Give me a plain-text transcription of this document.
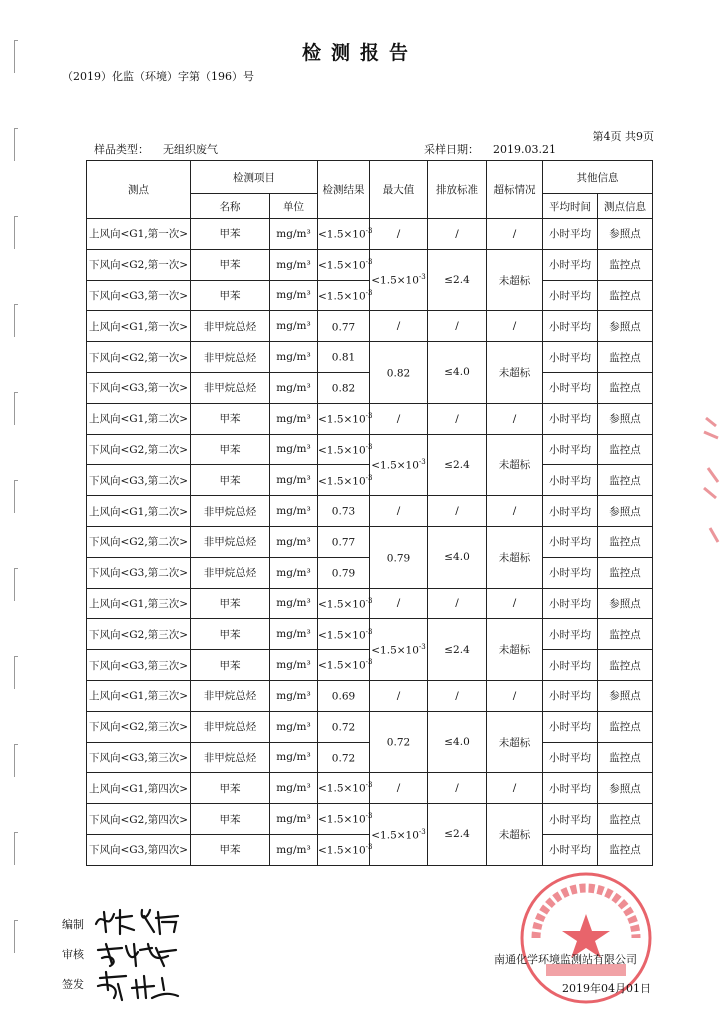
检测报告
（2019）化监（环境）字第（196）号
第4页 共9页
样品类型： 无组织废气	采样日期： 2019.03.21
测点	检测项目		检测结果	最大值	排放标准	超标情况	其他信息	
	名称	单位					平均时间	测点信息
上风向<G1,第一次>	甲苯	mg/m³	$<1.5\times 10^{-3}$	/	/	/	小时平均	参照点
下风向<G2,第一次>	甲苯	mg/m³	$<1.5\times 10^{-3}$	$<1.5\times 10^{-3}$	≤2.4	未超标	小时平均	监控点
下风向<G3,第一次>	甲苯	mg/m³	$<1.5\times 10^{-3}$				小时平均	监控点
上风向<G1,第一次>	非甲烷总烃	mg/m³	0.77	/	/	/	小时平均	参照点
下风向<G2,第一次>	非甲烷总烃	mg/m³	0.81	0.82	≤4.0	未超标	小时平均	监控点
下风向<G3,第一次>	非甲烷总烃	mg/m³	0.82				小时平均	监控点
上风向<G1,第二次>	甲苯	mg/m³	$<1.5\times 10^{-3}$	/	/	/	小时平均	参照点
下风向<G2,第二次>	甲苯	mg/m³	$<1.5\times 10^{-3}$	$<1.5\times 10^{-3}$	≤2.4	未超标	小时平均	监控点
下风向<G3,第二次>	甲苯	mg/m³	$<1.5\times 10^{-3}$				小时平均	监控点
上风向<G1,第二次>	非甲烷总烃	mg/m³	0.73	/	/	/	小时平均	参照点
下风向<G2,第二次>	非甲烷总烃	mg/m³	0.77	0.79	≤4.0	未超标	小时平均	监控点
下风向<G3,第二次>	非甲烷总烃	mg/m³	0.79				小时平均	监控点
上风向<G1,第三次>	甲苯	mg/m³	$<1.5\times 10^{-3}$	/	/	/	小时平均	参照点
下风向<G2,第三次>	甲苯	mg/m³	$<1.5\times 10^{-3}$	$<1.5\times 10^{-3}$	≤2.4	未超标	小时平均	监控点
下风向<G3,第三次>	甲苯	mg/m³	$<1.5\times 10^{-3}$				小时平均	监控点
上风向<G1,第三次>	非甲烷总烃	mg/m³	0.69	/	/	/	小时平均	参照点
下风向<G2,第三次>	非甲烷总烃	mg/m³	0.72	0.72	≤4.0	未超标	小时平均	监控点
下风向<G3,第三次>	非甲烷总烃	mg/m³	0.72				小时平均	监控点
上风向<G1,第四次>	甲苯	mg/m³	$<1.5\times 10^{-3}$	/	/	/	小时平均	参照点
下风向<G2,第四次>	甲苯	mg/m³	$<1.5\times 10^{-3}$	$<1.5\times 10^{-3}$	≤2.4	未超标	小时平均	监控点
下风向<G3,第四次>	甲苯	mg/m³	$<1.5\times 10^{-3}$				小时平均	监控点
编制
审核
签发
南通化学环境监测站有限公司
2019年04月01日
